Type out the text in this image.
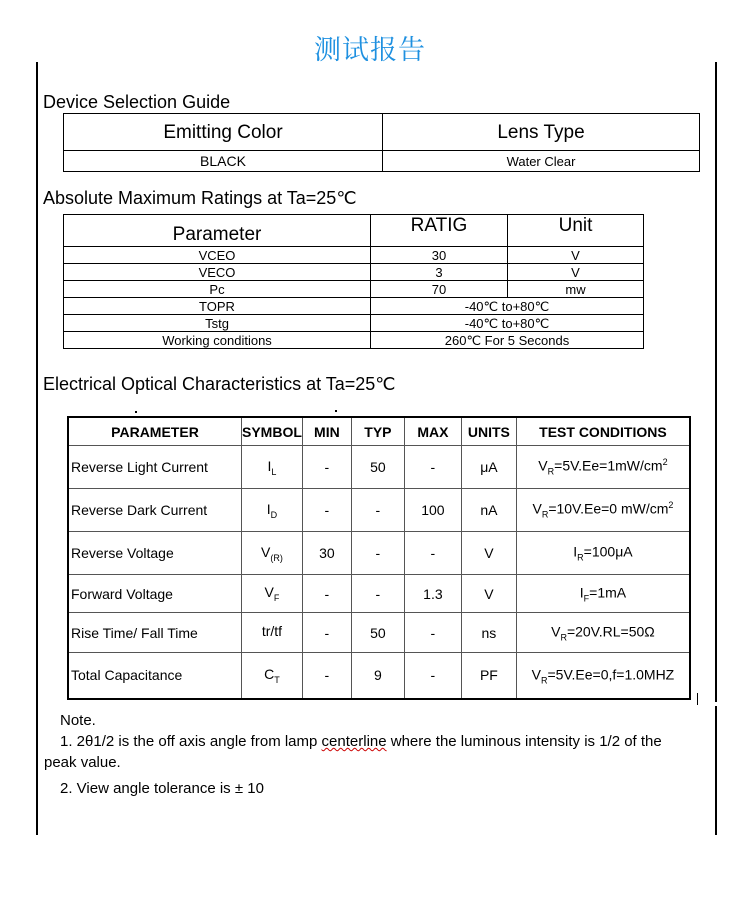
测试报告
Device Selection Guide
Emitting Color	Lens Type
BLACK	Water Clear
Absolute Maximum Ratings at Ta=25℃
Parameter	RATIG	Unit
VCEO	30	V
VECO	3	V
Pc	70	mw
TOPR	-40℃ to+80℃	
Tstg	-40℃ to+80℃	
Working conditions	260℃ For 5 Seconds	
Electrical Optical Characteristics at Ta=25℃
PARAMETER	SYMBOL	MIN	TYP	MAX	UNITS	TEST CONDITIONS
Reverse Light Current	$I_L$	-	50	-	μA	$V_R=5V.Ee=1mW/cm^2$
Reverse Dark Current	$I_D$	-	-	100	nA	$V_R=10V.Ee=0$ $mW/cm^2$
Reverse Voltage	$V_{(R)}$	30	-	-	V	$I_R=100\mu A$
Forward Voltage	$V_F$	-	-	1.3	V	$I_F=1mA$
Rise Time/ Fall Time	tr/tf	-	50	-	ns	$V_R=20V.RL=50\Omega$
Total Capacitance	$C_T$	-	9	-	PF	$V_R=5V.Ee=0,f=1.0MHZ$
Note.
1. 2θ1/2 is the off axis angle from lamp centerline where the luminous intensity is 1/2 of the
peak value.
2. View angle tolerance is ± 10
